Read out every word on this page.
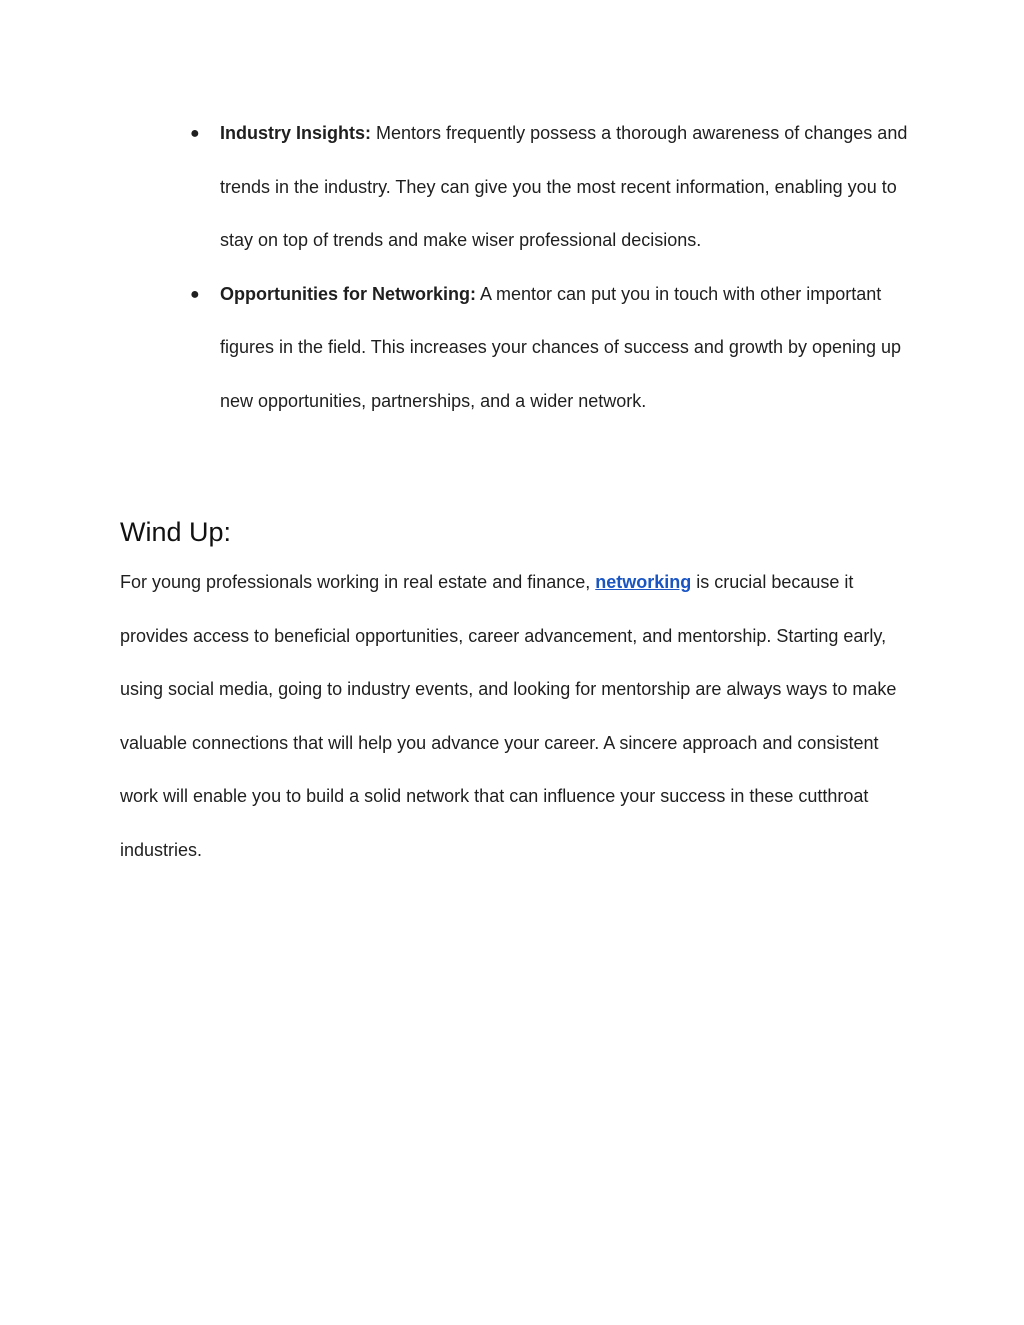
● Industry Insights: Mentors frequently possess a thorough awareness of changes and trends in the industry. They can give you the most recent information, enabling you to stay on top of trends and make wiser professional decisions.
● Opportunities for Networking: A mentor can put you in touch with other important figures in the field. This increases your chances of success and growth by opening up new opportunities, partnerships, and a wider network.
Wind Up:

For young professionals working in real estate and finance, networking is crucial because it provides access to beneficial opportunities, career advancement, and mentorship. Starting early, using social media, going to industry events, and looking for mentorship are always ways to make valuable connections that will help you advance your career. A sincere approach and consistent work will enable you to build a solid network that can influence your success in these cutthroat industries.
